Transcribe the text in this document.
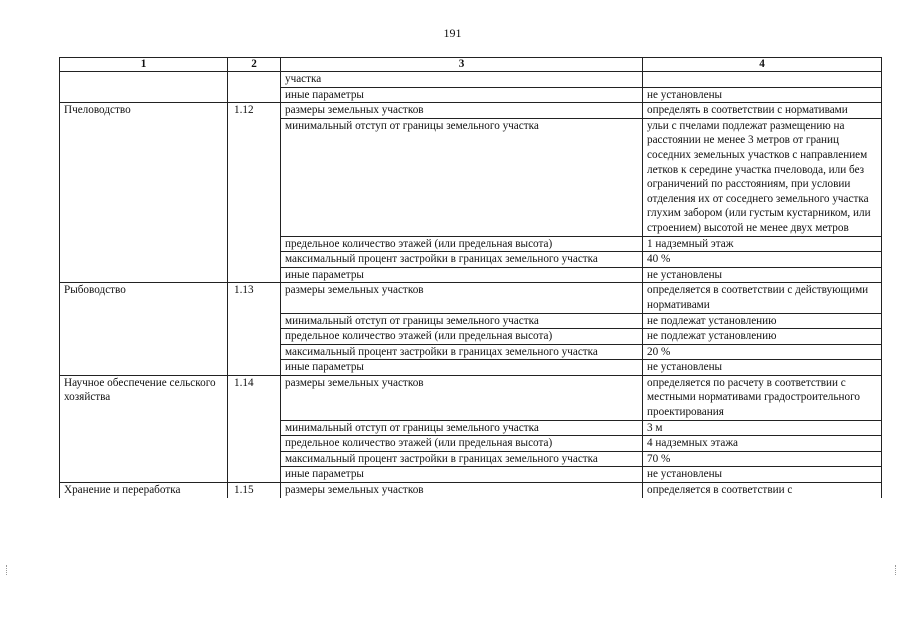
191
1	2	3	4
		участка	
		иные параметры	не установлены
Пчеловодство	1.12	размеры земельных участков	определять в соответствии с нормативами
		минимальный отступ от границы земельного участка	ульи с пчелами подлежат размещению на расстоянии не менее 3 метров от границ соседних земельных участков с направлением летков к середине участка пчеловода, или без ограничений по расстояниям, при условии отделения их от соседнего земельного участка глухим забором (или густым кустарником, или строением) высотой не менее двух метров
		предельное количество этажей (или предельная высота)	1 надземный этаж
		максимальный процент застройки в границах земельного участка	40 %
		иные параметры	не установлены
Рыбоводство	1.13	размеры земельных участков	определяется в соответствии с действующими нормативами
		минимальный отступ от границы земельного участка	не подлежат установлению
		предельное количество этажей (или предельная высота)	не подлежат установлению
		максимальный процент застройки в границах земельного участка	20 %
		иные параметры	не установлены
Научное обеспечение сельского хозяйства	1.14	размеры земельных участков	определяется по расчету в соответствии с местными нормативами градостроительного проектирования
		минимальный отступ от границы земельного участка	3 м
		предельное количество этажей (или предельная высота)	4 надземных этажа
		максимальный процент застройки в границах земельного участка	70 %
		иные параметры	не установлены
Хранение и переработка	1.15	размеры земельных участков	определяется в соответствии с
